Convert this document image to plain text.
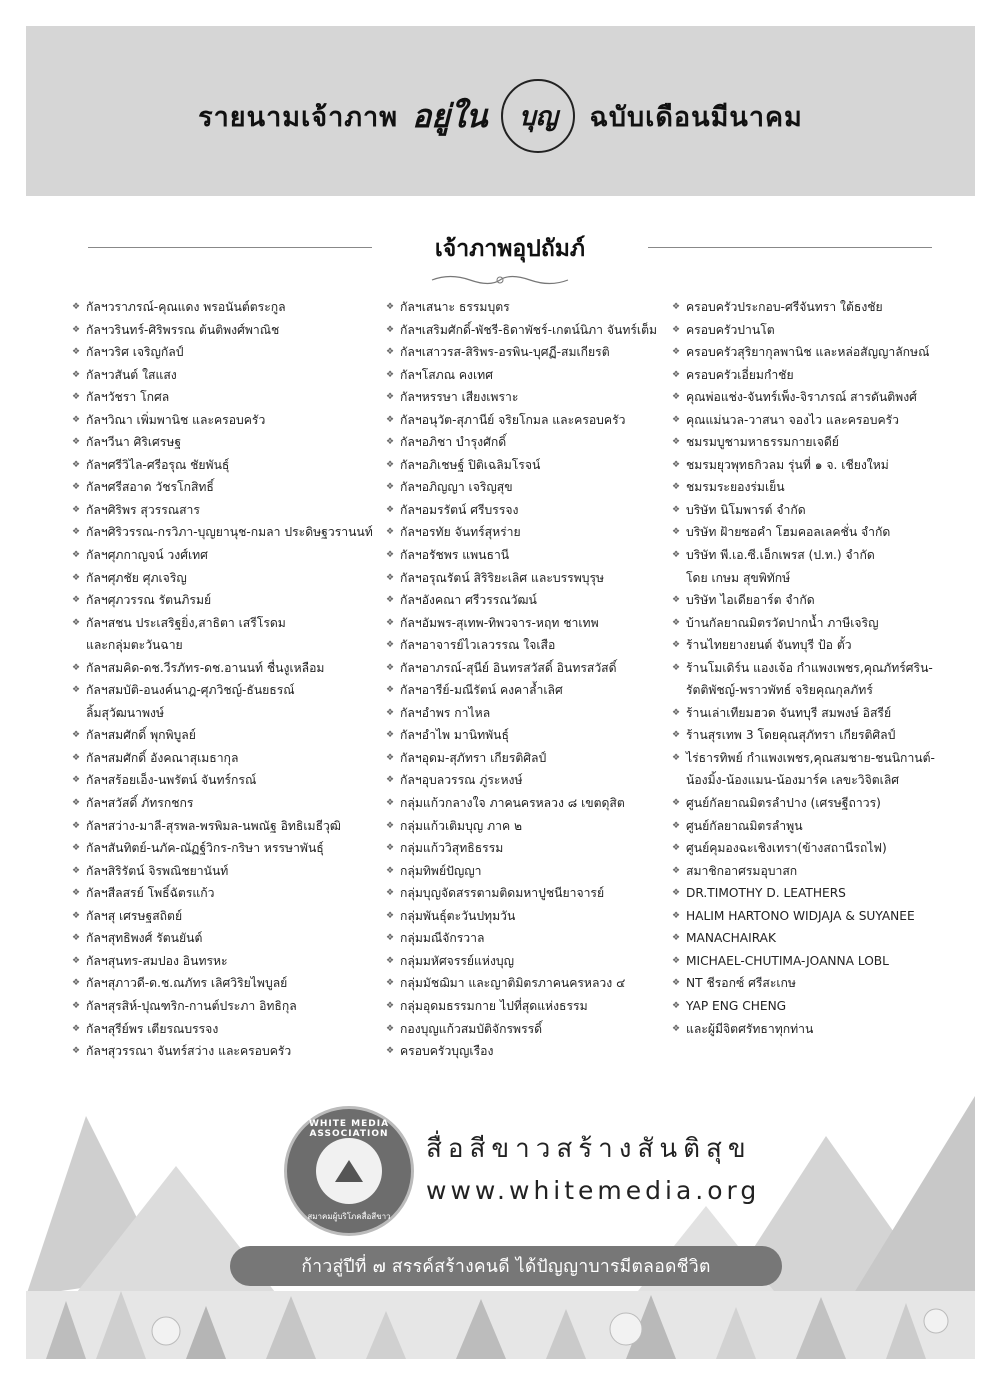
รายนามเจ้าภาพ อยู่ใน บุญ ฉบับเดือนมีนาคม
เจ้าภาพอุปถัมภ์
❖ กัลฯวราภรณ์-คุณแดง พรอนันต์ตระกูล
❖ กัลฯวรินทร์-ศิริพรรณ ต้นติพงศ์พาณิช
❖ กัลฯวริศ เจริญกัลป์
❖ กัลฯวสันต์ ใสแสง
❖ กัลฯวัชรา โกศล
❖ กัลฯวิณา เพิ่มพานิช และครอบครัว
❖ กัลฯวีนา ศิริเศรษฐ
❖ กัลฯศรีวิไล-ศรีอรุณ ชัยพันธุ์
❖ กัลฯศรีสอาด วัชรโกสิทธิ์
❖ กัลฯศิริพร สุวรรณสาร
❖ กัลฯศิริวรรณ-กรวิภา-บุญยานุช-กมลา ประดิษฐวรานนท์
❖ กัลฯศุภกาญจน์ วงศ์เทศ
❖ กัลฯศุภชัย ศุภเจริญ
❖ กัลฯศุภวรรณ รัตนภิรมย์
❖ กัลฯสชน ประเสริฐยิ่ง,สาธิตา เสรีโรดม
และกลุ่มตะวันฉาย
❖ กัลฯสมคิด-ดช.วีรภัทร-ดช.อานนท์ ชื่นงูเหลือม
❖ กัลฯสมบัติ-อนงค์นาฎ-ศุภวิชญ์-ธันยธรณ์
ลิ้มสุวัฒนาพงษ์
❖ กัลฯสมศักดิ์ พุกพิบูลย์
❖ กัลฯสมศักดิ์ อังคณาสุเมธากุล
❖ กัลฯสร้อยเอ็ง-นพรัตน์ จันทร์กรณ์
❖ กัลฯสวัสดิ์ ภัทรกชกร
❖ กัลฯสว่าง-มาลี-สุรพล-พรพิมล-นพณัฐ อิทธิเมธีวุฒิ
❖ กัลฯสันทิตย์-นภัค-ณัฏฐ์วิกร-กริษา หรรษาพันธุ์
❖ กัลฯสิริรัตน์ จิรพณิชยานันท์
❖ กัลฯสีลสรย์ โพธิ์ฉัตรแก้ว
❖ กัลฯสุ เศรษฐสถิตย์
❖ กัลฯสุทธิพงศ์ รัตนยันต์
❖ กัลฯสุนทร-สมปอง อินทรหะ
❖ กัลฯสุภาวดี-ด.ช.ณภัทร เลิศวิริยไพบูลย์
❖ กัลฯสุรสิห์-ปุณฑริก-กานต์ประภา อิทธิกุล
❖ กัลฯสุรีย์พร เตียรณบรรจง
❖ กัลฯสุวรรณา จันทร์สว่าง และครอบครัว
❖ กัลฯเสนาะ ธรรมบุตร
❖ กัลฯเสริมศักดิ์-พัชรี-ธิดาพัชร์-เกตน์นิภา จันทร์เต็ม
❖ กัลฯเสาวรส-สิริพร-อรพิน-บุศฏี-สมเกียรติ
❖ กัลฯโสภณ คงเทศ
❖ กัลฯหรรษา เสียงเพราะ
❖ กัลฯอนุวัต-สุภานีย์ จริยโกมล และครอบครัว
❖ กัลฯอภิชา บำรุงศักดิ์
❖ กัลฯอภิเชษฐ์ ปิติเฉลิมโรจน์
❖ กัลฯอภิญญา เจริญสุข
❖ กัลฯอมรรัตน์ ศรีบรรจง
❖ กัลฯอรทัย จันทร์สุหร่าย
❖ กัลฯอรัชพร แพนธานี
❖ กัลฯอรุณรัตน์ สิริริยะเลิศ และบรรพบุรุษ
❖ กัลฯอังคณา ศรีวรรณวัฒน์
❖ กัลฯอัมพร-สุเทพ-ทิพวจาร-หฤท ชาเทพ
❖ กัลฯอาจารย์ไวเลวรรณ ใจเสือ
❖ กัลฯอาภรณ์-สุนีย์ อินทรสวัสดิ์ อินทรสวัสดิ์
❖ กัลฯอารีย์-มณีรัตน์ คงคาล้ำเลิศ
❖ กัลฯอำพร กาไหล
❖ กัลฯอำไพ มานิทพันธุ์
❖ กัลฯอุดม-สุภัทรา เกียรติศิลป์
❖ กัลฯอุบลวรรณ ภู่ระหงษ์
❖ กลุ่มแก้วกลางใจ ภาคนครหลวง ๘ เขตดุสิต
❖ กลุ่มแก้วเติมบุญ ภาค ๒
❖ กลุ่มแก้ววิสุทธิธรรม
❖ กลุ่มทิพย์ปัญญา
❖ กลุ่มบุญจัดสรรตามติดมหาปูชนียาจารย์
❖ กลุ่มพันธุ์ตะวันปทุมวัน
❖ กลุ่มมณีจักรวาล
❖ กลุ่มมหัศจรรย์แห่งบุญ
❖ กลุ่มมัชฌิมา และญาติมิตรภาคนครหลวง ๔
❖ กลุ่มอุดมธรรมกาย ไปที่สุดแห่งธรรม
❖ กองบุญแก้วสมบัติจักรพรรดิ์
❖ ครอบครัวบุญเรือง
❖ ครอบครัวประกอบ-ศรีจันทรา ใต้ธงชัย
❖ ครอบครัวปานโต
❖ ครอบครัวสุริยากุลพานิช และหล่อสัญญาลักษณ์
❖ ครอบครัวเอี่ยมกำชัย
❖ คุณพ่อแช่ง-จันทร์เพ็ง-จิราภรณ์ สารดันติพงศ์
❖ คุณแม่นวล-วาสนา จองไว และครอบครัว
❖ ชมรมบูชามหาธรรมกายเจดีย์
❖ ชมรมยุวพุทธกิวลม รุ่นที่ ๑ จ. เชียงใหม่
❖ ชมรมระยองร่มเย็น
❖ บริษัท นิโมพารต์ จำกัด
❖ บริษัท ฝ้ายซอคำ โฮมคอลเลคชั่น จำกัด
❖ บริษัท พี.เอ.ซี.เอ็กเพรส (ป.ท.) จำกัด
โดย เกษม สุขพิทักษ์
❖ บริษัท ไอเดียอาร์ต จำกัด
❖ บ้านกัลยาณมิตรวัดปากน้ำ ภาษีเจริญ
❖ ร้านไทยยางยนต์ จันทบุรี ป้อ ตั้ว
❖ ร้านโมเดิร์น แองเจ้อ กำแพงเพชร,คุณภัทร์ศริน-
รัตติพัชญ์-พราวพัทธ์ จริยคุณกุลภัทร์
❖ ร้านเล่าเทียมฮวด จันทบุรี สมพงษ์ อิสรีย์
❖ ร้านสุรเทพ 3 โดยคุณสุภัทรา เกียรติศิลป์
❖ ไร่ธารทิพย์ กำแพงเพชร,คุณสมชาย-ชนนิกานต์-
น้องมิ้ง-น้องแมน-น้องมาร์ค เลขะวิจิตเลิศ
❖ ศูนย์กัลยาณมิตรลำปาง (เศรษฐีถาวร)
❖ ศูนย์กัลยาณมิตรลำพูน
❖ ศูนย์คุมองฉะเชิงเทรา(ข้างสถานีรถไฟ)
❖ สมาชิกอาศรมอุบาสก
❖ DR.TIMOTHY D. LEATHERS
❖ HALIM HARTONO WIDJAJA & SUYANEE
❖ MANACHAIRAK
❖ MICHAEL-CHUTIMA-JOANNA LOBL
❖ NT ชีรอกซ์ ศรีสะเกษ
❖ YAP ENG CHENG
❖ และผู้มีจิตศรัทธาทุกท่าน
WHITE MEDIA ASSOCIATION
สมาคมผู้บริโภคสื่อสีขาว
สื่อสีขาวสร้างสันติสุข
www.whitemedia.org
ก้าวสู่ปีที่ ๗ สรรค์สร้างคนดี ได้ปัญญาบารมีตลอดชีวิต
